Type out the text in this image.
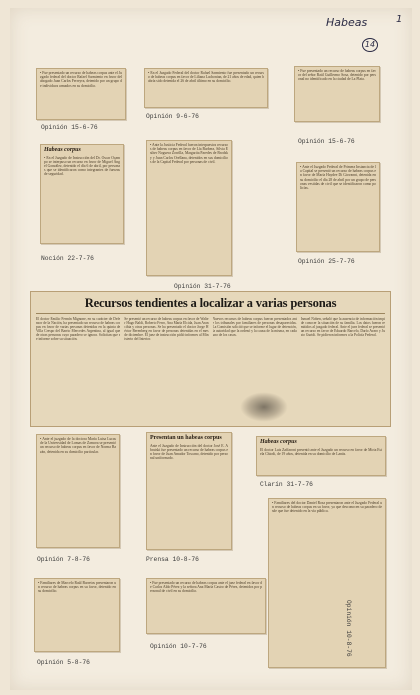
Habeas	1
14
• Fue presentado un recurso de habeas corpus ante el Juzgado federal del doctor Rafael Sarmiento en favor del abogado Juan Carlos Ferreyra, detenido por un grupo de individuos armados en su domicilio.
Opinión 15-6-76
• En el Juzgado Federal del doctor Rafael Sarmiento fue presentado un recurso de habeas corpus en favor de Liliana Lachonian, de 21 años de edad, quien habría sido detenida el 26 de abril último en su domicilio.
Opinión 9-6-76
• Fue presentado un recurso de habeas corpus en favor del señor Raúl Guillermo Sosa, detenido por personal no identificado en la ciudad de La Plata.
Opinión 15-6-76
Habeas corpus
• En el Juzgado de Instrucción del Dr. Oscar Ocampo se interpuso un recurso en favor de Miguel Ángel González, detenido el día 6 de abril, por personas que se identificaron como integrantes de fuerzas de seguridad.
Noción 22-7-76
• Ante la Justicia Federal fueron interpuestos recursos de habeas corpus en favor de Lía Barbera, Silvia Esther Noguera Zorrilla, Margarita Paredes de Brodsky y Juan Carlos Orellana, detenidos en sus domicilios de la Capital Federal por personas de civil.
Opinión 31-7-76
• Ante el Juzgado Federal de Primera Instancia de la Capital se presentó un recurso de habeas corpus en favor de María Haydee Di Giovanni, detenida en su domicilio el día 28 de abril por un grupo de personas vestidas de civil que se identificaron como policías.
Opinión 25-7-76
Recursos tendientes a localizar a varias personas
El doctor Emilio Fermín Mignone, en su carácter de Defensor de la Nación, ha presentado un recurso de habeas corpus en favor de varias personas detenidas en la quinta de Villa Crespo del Barrio Mercedes Argentina, al igual que de otras personas cuyo paradero se ignora. Solicitan que se informe sobre su situación.
Se presentó un recurso de habeas corpus en favor de Walter Hugo Baldi, Roberto Ferro, Ana María Elcida, Juan Arancibia y otras personas. Se ha presentado el doctor Jorge Héctor Berenberg en favor de personas detenidas en el mes de diciembre. El juez de instrucción pidió informes al Ministerio del Interior.
Nuevos recursos de habeas corpus fueron presentados ante los tribunales por familiares de personas desaparecidas. La Comisión solicitó que se informe el lugar de detención, la autoridad que la ordenó y la causa de la misma, en cada uno de los casos.
Ismael Noben, señaló que la ausencia de información impide conocer la situación de su familia. Los datos fueron remitidos al juzgado federal. Ante el juez federal se presentó un recurso en favor de Eduardo Barcelo, Darío Avaro y Justo Guridi. Se pidieron informes a la Policía Federal.
• Ante el juzgado de la doctora María Luisa Lucas de la Universidad de Lomas de Zamora se presentó un recurso de habeas corpus en favor de Norma Bazán, detenida en su domicilio particular.
Opinión 7-8-76
Presentan un habeas corpus
Ante el Juzgado de Instrucción del doctor José E. Abrutski fue presentado un recurso de habeas corpus en favor de Juan Amador Toscano, detenido por personal uniformado.
Prensa 10-8-76
Habeas corpus
El doctor Luis Zaffaroni presentó ante el Juzgado un recurso en favor de Mirta Estela Chiodi, de 19 años, detenida en su domicilio de Lanús.
Clarín 31-7-76
• Familiares del doctor Daniel Rosa presentaron ante el Juzgado Federal un recurso de habeas corpus en su favor, ya que desconocen su paradero desde que fue detenido en la vía pública.
Opinión 10-8-76
• Familiares de Marcelo Raúl Barretos presentaron un recurso de habeas corpus en su favor, detenido en su domicilio.
Opinión 5-8-76
• Fue presentado un recurso de habeas corpus ante el juez federal en favor de Carlos Aldo Pérez y la señora Ana María Castro de Pérez, detenidos por personal de civil en su domicilio.
Opinión 10-7-76
